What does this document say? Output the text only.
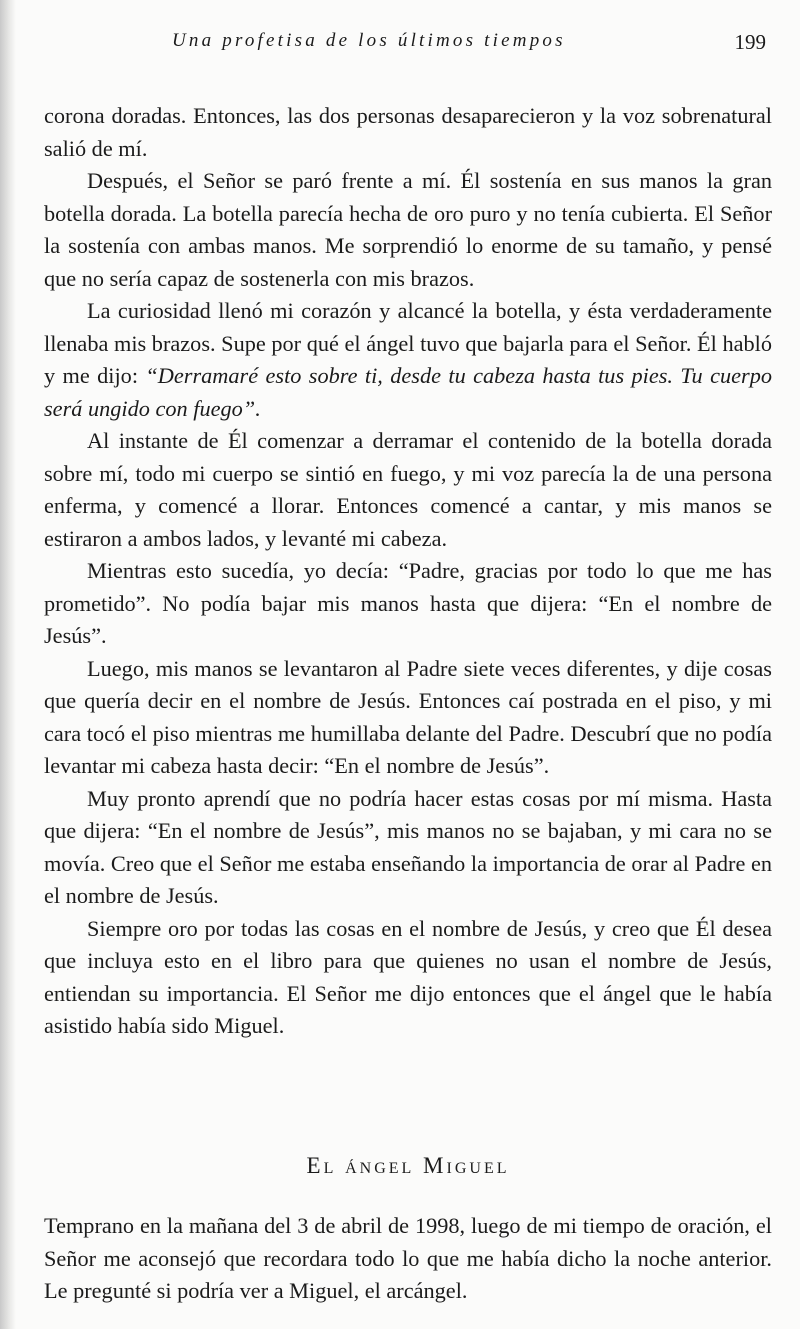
Una profetisa de los últimos tiempos	199

corona doradas. Entonces, las dos personas desaparecieron y la voz sobrenatural salió de mí.

Después, el Señor se paró frente a mí. Él sostenía en sus manos la gran botella dorada. La botella parecía hecha de oro puro y no tenía cubierta. El Señor la sostenía con ambas manos. Me sorprendió lo enorme de su tamaño, y pensé que no sería capaz de sostenerla con mis brazos.

La curiosidad llenó mi corazón y alcancé la botella, y ésta verdaderamente llenaba mis brazos. Supe por qué el ángel tuvo que bajarla para el Señor. Él habló y me dijo: “Derramaré esto sobre ti, desde tu cabeza hasta tus pies. Tu cuerpo será ungido con fuego”.

Al instante de Él comenzar a derramar el contenido de la botella dorada sobre mí, todo mi cuerpo se sintió en fuego, y mi voz parecía la de una persona enferma, y comencé a llorar. Entonces comencé a cantar, y mis manos se estiraron a ambos lados, y levanté mi cabeza.

Mientras esto sucedía, yo decía: “Padre, gracias por todo lo que me has prometido”. No podía bajar mis manos hasta que dijera: “En el nombre de Jesús”.

Luego, mis manos se levantaron al Padre siete veces diferentes, y dije cosas que quería decir en el nombre de Jesús. Entonces caí postrada en el piso, y mi cara tocó el piso mientras me humillaba delante del Padre. Descubrí que no podía levantar mi cabeza hasta decir: “En el nombre de Jesús”.

Muy pronto aprendí que no podría hacer estas cosas por mí misma. Hasta que dijera: “En el nombre de Jesús”, mis manos no se bajaban, y mi cara no se movía. Creo que el Señor me estaba enseñando la importancia de orar al Padre en el nombre de Jesús.

Siempre oro por todas las cosas en el nombre de Jesús, y creo que Él desea que incluya esto en el libro para que quienes no usan el nombre de Jesús, entiendan su importancia. El Señor me dijo entonces que el ángel que le había asistido había sido Miguel.

El ángel Miguel

Temprano en la mañana del 3 de abril de 1998, luego de mi tiempo de oración, el Señor me aconsejó que recordara todo lo que me había dicho la noche anterior. Le pregunté si podría ver a Miguel, el arcángel.
